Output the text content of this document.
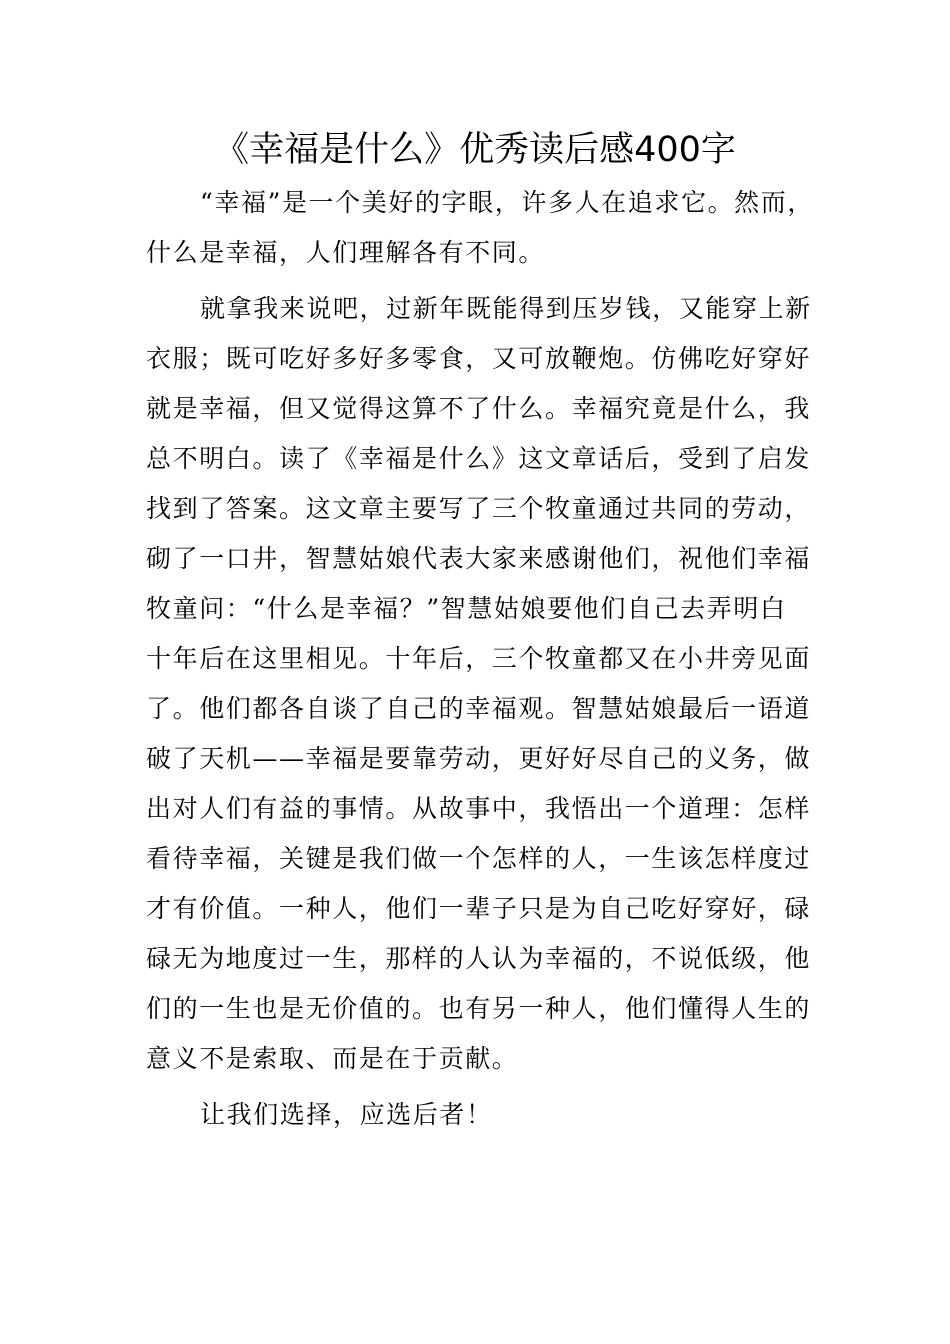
《幸福是什么》优秀读后感400字
“幸福”是一个美好的字眼，许多人在追求它。然而，
什么是幸福，人们理解各有不同。
就拿我来说吧，过新年既能得到压岁钱，又能穿上新
衣服；既可吃好多好多零食，又可放鞭炮。仿佛吃好穿好
就是幸福，但又觉得这算不了什么。幸福究竟是什么，我
总不明白。读了《幸福是什么》这文章话后，受到了启发
找到了答案。这文章主要写了三个牧童通过共同的劳动，
砌了一口井，智慧姑娘代表大家来感谢他们，祝他们幸福
牧童问：“什么是幸福？”智慧姑娘要他们自己去弄明白
十年后在这里相见。十年后，三个牧童都又在小井旁见面
了。他们都各自谈了自己的幸福观。智慧姑娘最后一语道
破了天机——幸福是要靠劳动，更好好尽自己的义务，做
出对人们有益的事情。从故事中，我悟出一个道理：怎样
看待幸福，关键是我们做一个怎样的人，一生该怎样度过
才有价值。一种人，他们一辈子只是为自己吃好穿好，碌
碌无为地度过一生，那样的人认为幸福的，不说低级，他
们的一生也是无价值的。也有另一种人，他们懂得人生的
意义不是索取、而是在于贡献。
让我们选择，应选后者！
